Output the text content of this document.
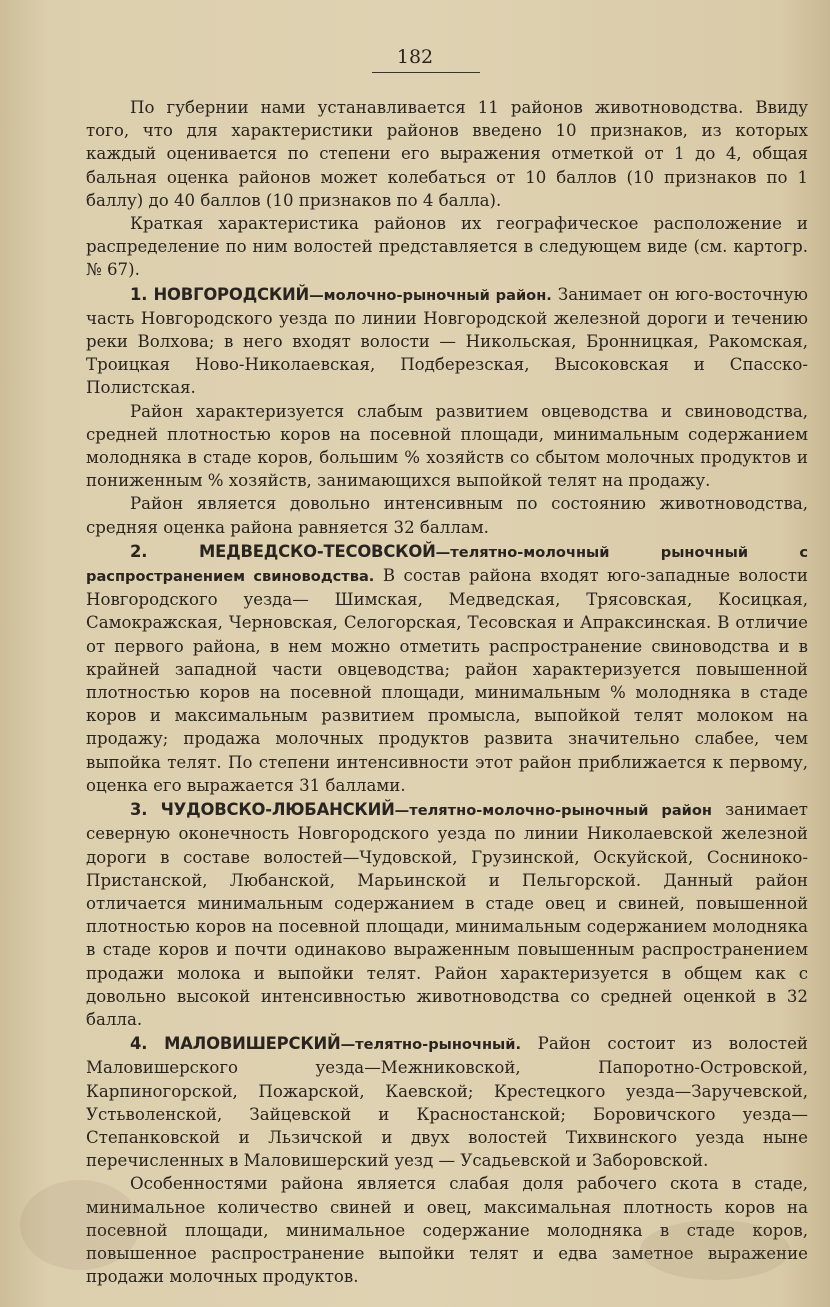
182

По губернии нами устанавливается 11 районов животноводства. Ввиду того, что для характеристики районов введено 10 признаков, из которых каждый оценивается по степени его выражения отметкой от 1 до 4, общая бальная оценка районов может колебаться от 10 баллов (10 признаков по 1 баллу) до 40 баллов (10 признаков по 4 балла).

Краткая характеристика районов их географическое расположение и распределение по ним волостей представляется в следующем виде (см. картогр. № 67).

1. НОВГОРОДСКИЙ—молочно-рыночный район. Занимает он юго-восточную часть Новгородского уезда по линии Новгородской железной дороги и течению реки Волхова; в него входят волости — Никольская, Бронницкая, Ракомская, Троицкая Ново-Николаевская, Подберезская, Высоковская и Спасско-Полистская.

Район характеризуется слабым развитием овцеводства и свиноводства, средней плотностью коров на посевной площади, минимальным содержанием молодняка в стаде коров, большим % хозяйств со сбытом молочных продуктов и пониженным % хозяйств, занимающихся выпойкой телят на продажу.

Район является довольно интенсивным по состоянию животноводства, средняя оценка района равняется 32 баллам.

2. МЕДВЕДСКО-ТЕСОВСКОЙ—телятно-молочный рыночный с распространением свиноводства. В состав района входят юго-западные волости Новгородского уезда— Шимская, Медведская, Трясовская, Косицкая, Самокражская, Черновская, Селогорская, Тесовская и Апраксинская. В отличие от первого района, в нем можно отметить распространение свиноводства и в крайней западной части овцеводства; район характеризуется повышенной плотностью коров на посевной площади, минимальным % молодняка в стаде коров и максимальным развитием промысла, выпойкой телят молоком на продажу; продажа молочных продуктов развита значительно слабее, чем выпойка телят. По степени интенсивности этот район приближается к первому, оценка его выражается 31 баллами.

3. ЧУДОВСКО-ЛЮБАНСКИЙ—телятно-молочно-рыночный район занимает северную оконечность Новгородского уезда по линии Николаевской железной дороги в составе волостей—Чудовской, Грузинской, Оскуйской, Сосниноко-Пристанской, Любанской, Марьинской и Пельгорской. Данный район отличается минимальным содержанием в стаде овец и свиней, повышенной плотностью коров на посевной площади, минимальным содержанием молодняка в стаде коров и почти одинаково выраженным повышенным распространением продажи молока и выпойки телят. Район характеризуется в общем как с довольно высокой интенсивностью животноводства со средней оценкой в 32 балла.

4. МАЛОВИШЕРСКИЙ—телятно-рыночный. Район состоит из волостей Маловишерского уезда—Межниковской, Папоротно-Островской, Карпиногорской, Пожарской, Каевской; Крестецкого уезда—Заручевской, Устьволенской, Зайцевской и Красностанской; Боровичского уезда—Степанковской и Льзичской и двух волостей Тихвинского уезда ныне перечисленных в Маловишерский уезд — Усадьевской и Заборовской.

Особенностями района является слабая доля рабочего скота в стаде, минимальное количество свиней и овец, максимальная плотность коров на посевной площади, минимальное содержание молодняка в стаде коров, повышенное распространение выпойки телят и едва заметное выражение продажи молочных продуктов.
